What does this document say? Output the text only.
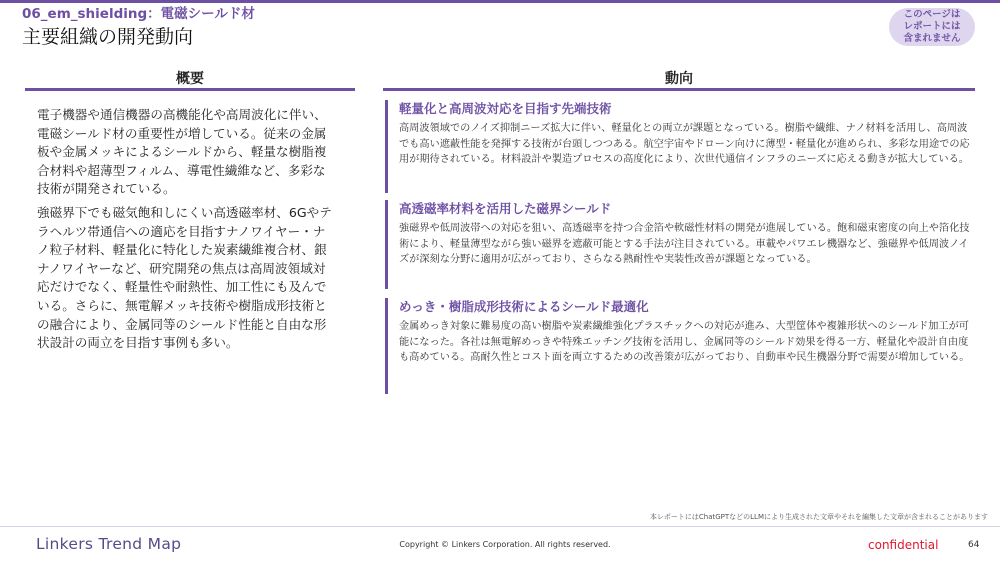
06_em_shielding：電磁シールド材
主要組織の開発動向
このページは
レポートには
含まれません
概要	動向

電子機器や通信機器の高機能化や高周波化に伴い、電磁シールド材の重要性が増している。従来の金属板や金属メッキによるシールドから、軽量な樹脂複合材料や超薄型フィルム、導電性繊維など、多彩な技術が開発されている。

強磁界下でも磁気飽和しにくい高透磁率材、6Gやテラヘルツ帯通信への適応を目指すナノワイヤー・ナノ粒子材料、軽量化に特化した炭素繊維複合材、銀ナノワイヤーなど、研究開発の焦点は高周波領域対応だけでなく、軽量性や耐熱性、加工性にも及んでいる。さらに、無電解メッキ技術や樹脂成形技術との融合により、金属同等のシールド性能と自由な形状設計の両立を目指す事例も多い。

軽量化と高周波対応を目指す先端技術
高周波領域でのノイズ抑制ニーズ拡大に伴い、軽量化との両立が課題となっている。樹脂や繊維、ナノ材料を活用し、高周波でも高い遮蔽性能を発揮する技術が台頭しつつある。航空宇宙やドローン向けに薄型・軽量化が進められ、多彩な用途での応用が期待されている。材料設計や製造プロセスの高度化により、次世代通信インフラのニーズに応える動きが拡大している。
高透磁率材料を活用した磁界シールド
強磁界や低周波帯への対応を狙い、高透磁率を持つ合金箔や軟磁性材料の開発が進展している。飽和磁束密度の向上や箔化技術により、軽量薄型ながら強い磁界を遮蔽可能とする手法が注目されている。車載やパワエレ機器など、強磁界や低周波ノイズが深刻な分野に適用が広がっており、さらなる熱耐性や実装性改善が課題となっている。
めっき・樹脂成形技術によるシールド最適化
金属めっき対象に難易度の高い樹脂や炭素繊維強化プラスチックへの対応が進み、大型筐体や複雑形状へのシールド加工が可能になった。各社は無電解めっきや特殊エッチング技術を活用し、金属同等のシールド効果を得る一方、軽量化や設計自由度も高めている。高耐久性とコスト面を両立するための改善策が広がっており、自動車や民生機器分野で需要が増加している。
本レポートにはChatGPTなどのLLMにより生成された文章やそれを編集した文章が含まれることがあります
Linkers Trend Map	Copyright © Linkers Corporation. All rights reserved.	confidential	64
